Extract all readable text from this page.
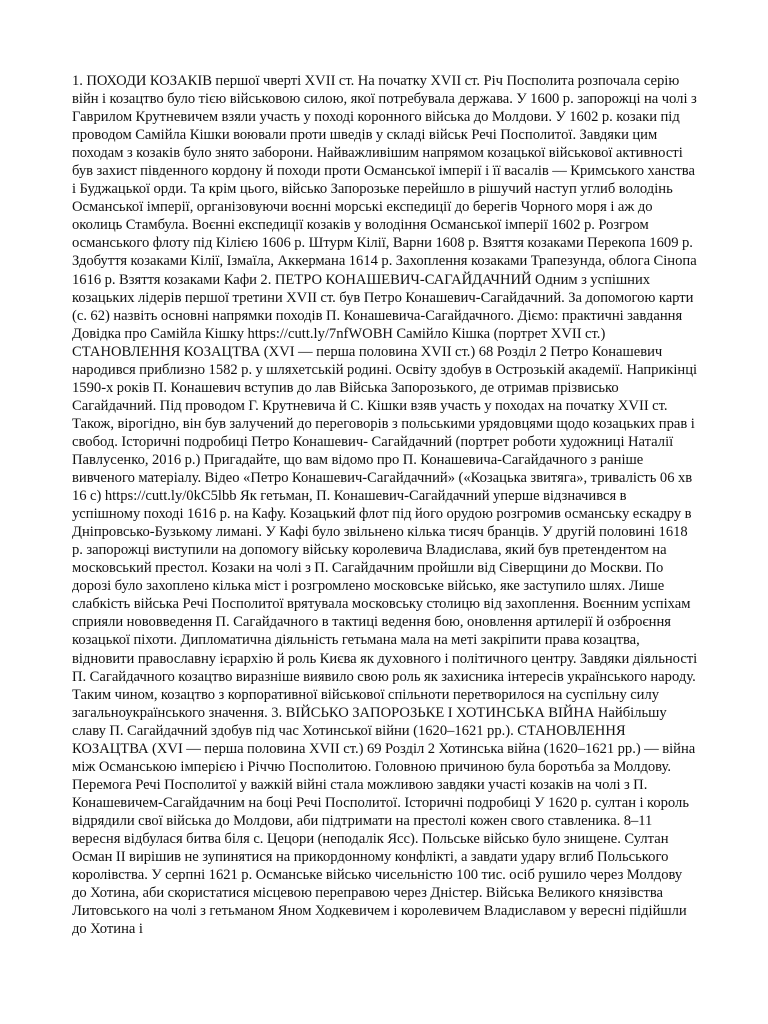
1. ПОХОДИ КОЗАКІВ першої чверті XVII ст. На початку XVII ст. Річ Посполита розпочала серію війн і козацтво було тією військовою силою, якої потребувала держава. У 1600 р. запорожці на чолі з Гаврилом Крутневичем взяли участь у поході коронного війська до Молдови. У 1602 р. козаки під проводом Самійла Кішки воювали проти шведів у складі військ Речі Посполитої. Завдяки цим походам з козаків було знято заборони. Найважливішим напрямом козацької військової активності був захист південного кордону й походи проти Османської імперії і її васалів — Кримського ханства і Буджацької орди. Та крім цього, військо Запорозьке перейшло в рішучий наступ углиб володінь Османської імперії, організовуючи воєнні морські експедиції до берегів Чорного моря і аж до околиць Стамбула. Воєнні експедиції козаків у володіння Османської імперії 1602 р. Розгром османського флоту під Кілією 1606 р. Штурм Кілії, Варни 1608 р. Взяття козаками Перекопа 1609 р. Здобуття козаками Кілії, Ізмаїла, Аккермана 1614 р. Захоплення козаками Трапезунда, облога Сінопа 1616 р. Взяття козаками Кафи 2. ПЕТРО КОНАШЕВИЧ-САГАЙДАЧНИЙ Одним з успішних козацьких лідерів першої третини XVII ст. був Петро Конашевич-Сагайдачний. За допомогою карти (с. 62) назвіть основні напрямки походів П. Конашевича-Сагайдачного. Діємо: практичні завдання Довідка про Самійла Кішку https://cutt.ly/7nfWOBH Самійло Кішка (портрет XVII ст.) СТАНОВЛЕННЯ КОЗАЦТВА (XVI — перша половина XVII ст.) 68 Розділ 2 Петро Конашевич народився приблизно 1582 р. у шляхетській родині. Освіту здобув в Острозькій академії. Наприкінці 1590-х років П. Конашевич вступив до лав Війська Запорозького, де отримав прізвисько Сагайдачний. Під проводом Г. Крутневича й С. Кішки взяв участь у походах на початку XVII ст. Також, вірогідно, він був залучений до переговорів з польськими урядовцями щодо козацьких прав і свобод. Історичні подробиці Петро Конашевич- Сагайдачний (портрет роботи художниці Наталії Павлусенко, 2016 р.) Пригадайте, що вам відомо про П. Конашевича-Сагайдачного з раніше вивченого матеріалу. Відео «Петро Конашевич-Сагайдачний» («Козацька звитяга», тривалість 06 хв 16 с) https://cutt.ly/0kC5lbb Як гетьман, П. Конашевич-Сагайдачний уперше відзначився в успішному поході 1616 р. на Кафу. Козацький флот під його орудою розгромив османську ескадру в Дніпровсько-Бузькому лимані. У Кафі було звільнено кілька тисяч бранців. У другій половині 1618 р. запорожці виступили на допомогу війську королевича Владислава, який був претендентом на московський престол. Козаки на чолі з П. Сагайдачним пройшли від Сіверщини до Москви. По дорозі було захоплено кілька міст і розгромлено московське військо, яке заступило шлях. Лише слабкість війська Речі Посполитої врятувала московську столицю від захоплення. Воєнним успіхам сприяли нововведення П. Сагайдачного в тактиці ведення бою, оновлення артилерії й озброєння козацької піхоти. Дипломатична діяльність гетьмана мала на меті закріпити права козацтва, відновити православну ієрархію й роль Києва як духовного і політичного центру. Завдяки діяльності П. Сагайдачного козацтво виразніше виявило свою роль як захисника інтересів українського народу. Таким чином, козацтво з корпоративної військової спільноти перетворилося на суспільну силу загальноукраїнського значення. 3. ВІЙСЬКО ЗАПОРОЗЬКЕ І ХОТИНСЬКА ВІЙНА Найбільшу славу П. Сагайдачний здобув під час Хотинської війни (1620–1621 рр.). СТАНОВЛЕННЯ КОЗАЦТВА (XVI — перша половина XVII ст.) 69 Розділ 2 Хотинська війна (1620–1621 рр.) — війна між Османською імперією і Річчю Посполитою. Головною причиною була боротьба за Молдову. Перемога Речі Посполитої у важкій війні стала можливою завдяки участі козаків на чолі з П. Конашевичем-Сагайдачним на боці Речі Посполитої. Історичні подробиці У 1620 р. султан і король відрядили свої війська до Молдови, аби підтримати на престолі кожен свого ставленика. 8–11 вересня відбулася битва біля с. Цецори (неподалік Ясс). Польське військо було знищене. Султан Осман II вирішив не зупинятися на прикордонному конфлікті, а завдати удару вглиб Польського королівства. У серпні 1621 р. Османське військо чисельністю 100 тис. осіб рушило через Молдову до Хотина, аби скористатися місцевою переправою через Дністер. Війська Великого князівства Литовського на чолі з гетьманом Яном Ходкевичем і королевичем Владиславом у вересні підійшли до Хотина і
